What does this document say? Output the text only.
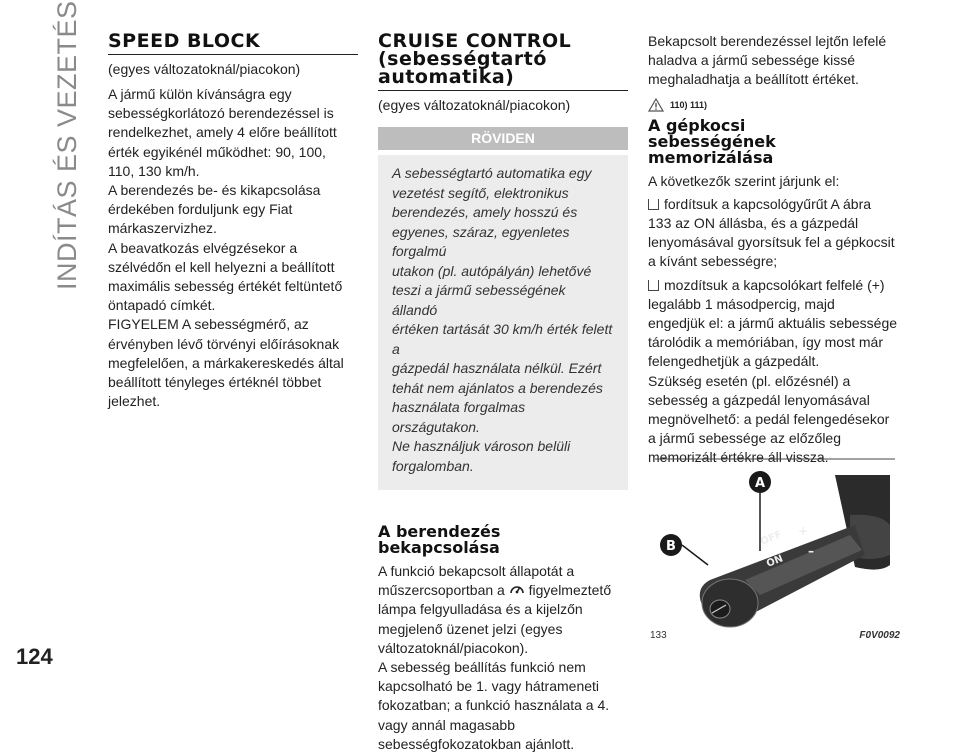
INDÍTÁS ÉS VEZETÉS
124
SPEED BLOCK
(egyes változatoknál/piacokon)

A jármű külön kívánságra egy

sebességkorlátozó berendezéssel is

rendelkezhet, amely 4 előre beállított

érték egyikénél működhet: 90, 100,

110, 130 km/h.

A berendezés be- és kikapcsolása

érdekében forduljunk egy Fiat

márkaszervizhez.

A beavatkozás elvégzésekor a

szélvédőn el kell helyezni a beállított

maximális sebesség értékét feltüntető

öntapadó címkét.

FIGYELEM A sebességmérő, az

érvényben lévő törvényi előírásoknak

megfelelően, a márkakereskedés által

beállított tényleges értéknél többet

jelezhet.

CRUISE CONTROL
(sebességtartó
automatika)
(egyes változatoknál/piacokon)
RÖVIDEN
A sebességtartó automatika egy
vezetést segítő, elektronikus
berendezés, amely hosszú és
egyenes, száraz, egyenletes forgalmú
utakon (pl. autópályán) lehetővé
teszi a jármű sebességének állandó
értéken tartását 30 km/h érték felett a
gázpedál használata nélkül. Ezért
tehát nem ajánlatos a berendezés
használata forgalmas országutakon.
Ne használjuk városon belüli
forgalomban.
A berendezés
bekapcsolása

A funkció bekapcsolt állapotát a

műszercsoportban a figyelmeztető

lámpa felgyulladása és a kijelzőn

megjelenő üzenet jelzi (egyes

változatoknál/piacokon).

A sebesség beállítás funkció nem

kapcsolható be 1. vagy hátrameneti

fokozatban; a funkció használata a 4.

vagy annál magasabb

sebességfokozatokban ajánlott.

Bekapcsolt berendezéssel lejtőn lefelé

haladva a jármű sebessége kissé

meghaladhatja a beállított értéket.

110) 111)
A gépkocsi
sebességének
memorizálása

A következők szerint járjunk el:

fordítsuk a kapcsológyűrűt A ábra

133 az ON állásba, és a gázpedál

lenyomásával gyorsítsuk fel a gépkocsit

a kívánt sebességre;

mozdítsuk a kapcsolókart felfelé (+)

legalább 1 másodpercig, majd

engedjük el: a jármű aktuális sebessége

tárolódik a memóriában, így most már

felengedhetjük a gázpedált.

Szükség esetén (pl. előzésnél) a

sebesség a gázpedál lenyomásával

megnövelhető: a pedál felengedésekor

a jármű sebessége az előzőleg

memorizált értékre áll vissza.

OFF
ON
+
–
A
B
133	F0V0092
